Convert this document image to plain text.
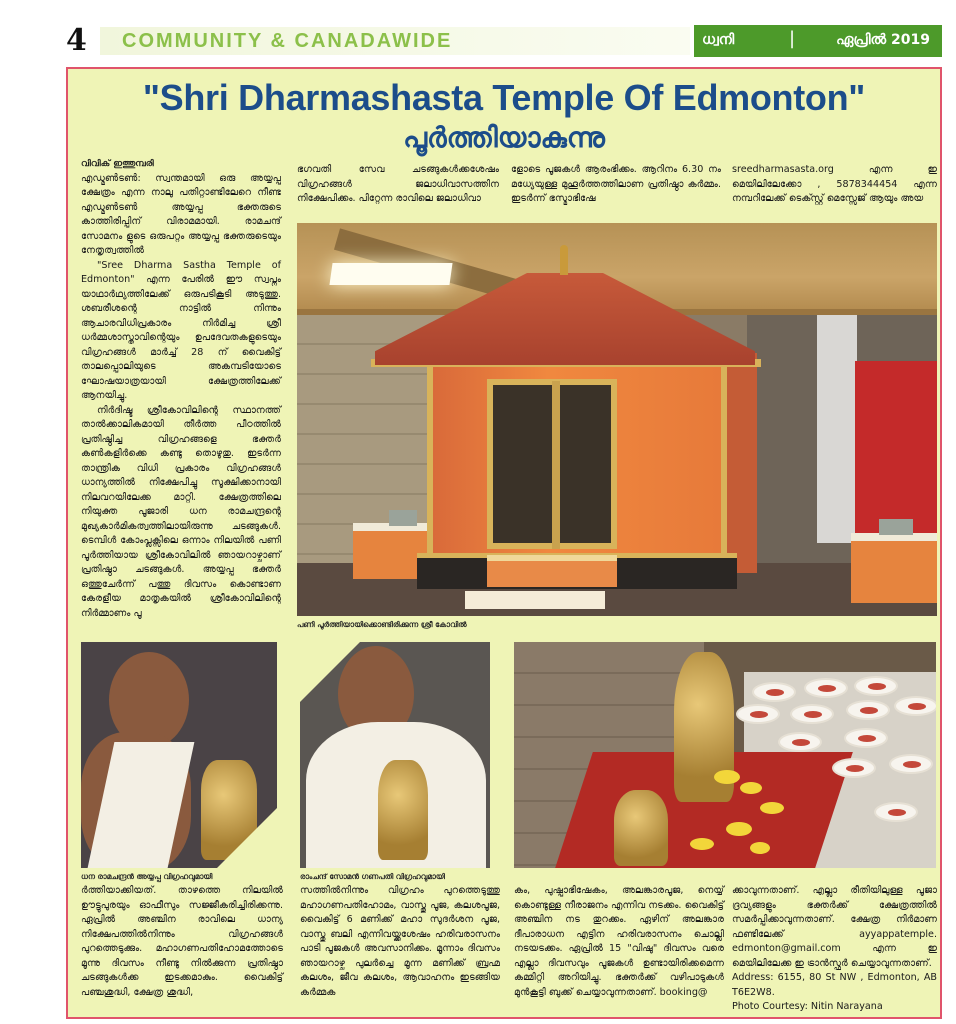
4 COMMUNITY & CANADAWIDE	ധ്വനി	|	ഏപ്രിൽ 2019
"Shri Dharmashasta Temple Of Edmonton"
പൂർത്തിയാകുന്നു

വിവിക് ഇത്തുമ്പരി

എഡ്മൺടൺ: സ്വന്തമായി ഒരു അയ്യപ്പ ക്ഷേത്രം എന്ന നാലു പതിറ്റാണ്ടിലേറെ നീണ്ട എഡ്മൺടൺ അയ്യപ്പ ഭക്തരുടെ കാത്തിരിപ്പിന് വിരാമമായി. രാമചന്ദ് സോമനം ളുടെ ഒരുപറ്റം അയ്യപ്പ ഭക്തരുടെയും നേതൃത്വത്തിൽ

"Sree Dharma Sastha Temple of Edmonton" എന്ന പേരിൽ ഈ സ്വപ്നം യാഥാർഥ്യത്തിലേക്ക് ഒരുപടികൂടി അടുത്തു. ശബരീശന്റെ നാട്ടിൽ നിന്നും ആചാരവിധിപ്രകാരം നിർമിച്ച ശ്രീ ധർമ്മശാസ്താവിന്റെയും ഉപദേവതകളുടെയും വിഗ്രഹങ്ങൾ മാർച്ച് 28 ന് വൈകിട്ട് താലപ്പൊലിയുടെ അകമ്പടിയോടെ ഘോഷയാത്രയായി ക്ഷേത്രത്തിലേക്ക് ആനയിച്ചു.

നിർദിഷ്ട ശ്രീകോവിലിന്റെ സ്ഥാനത്ത് താൽക്കാലികമായി തീർത്ത പീഠത്തിൽ പ്രതിഷ്ഠിച്ച വിഗ്രഹങ്ങളെ ഭക്തർ കൺകളിർക്കെ കണ്ടു തൊഴുതു. ഇടർന്ന താന്ത്രിക വിധി പ്രകാരം വിഗ്രഹങ്ങൾ ധാന്യത്തിൽ നിക്ഷേപിച്ചു സൂക്ഷിക്കാനായി നിലവറയിലേക്ക മാറ്റി. ക്ഷേത്രത്തിലെ നിയുക്ത പൂജാരി ധന രാമചന്ദ്രന്റെ മുഖ്യകാർമികത്വത്തിലായിരുന്നു ചടങ്ങുകൾ. ടെമ്പിൾ കോംപ്ലക്സിലെ ഒന്നാം നിലയിൽ പണി പൂർത്തിയായ ശ്രീകോവിലിൽ ഞായറാഴ്ചാണ് പ്രതിഷ്ഠാ ചടങ്ങുകൾ. അയ്യപ്പ ഭക്തർ ഒത്തുചേർന്ന് പത്തു ദിവസം കൊണ്ടാണ കേരളീയ മാതൃകയിൽ ശ്രീകോവിലിന്റെ നിർമ്മാണം പൂ

ഭഗവതി സേവ ചടങ്ങുകൾക്കശേഷം വിഗ്രഹങ്ങൾ ജലാധിവാസത്തിന നിക്ഷേപിക്കം. പിറ്റേന്ന രാവിലെ ജലാധിവാ
ളോടെ പൂജകൾ ആരംഭിക്കം. ആറിനം 6.30 നം മധ്യേയുള്ള മുഹൂർത്തത്തിലാണ പ്രതിഷ്ഠാ കർമ്മം. ഇടർന്ന് ഭസ്മാഭിഷേ
sreedharmasasta.org എന്ന ഇ മെയിലിലേക്കോ , 5878344454 എന്ന നമ്പറിലേക്ക് ടെക്സ്റ്റ് മെസ്സേജ് ആയും അയ
പണി പൂർത്തിയായിക്കൊണ്ടിരിക്കുന്ന ശ്രീ കോവിൽ
ധന രാമചന്ദ്രൻ അയ്യപ്പ വിഗ്രഹവുമായി	രാംചന്ദ് സോമൻ ഗണപതി വിഗ്രഹവുമായി
ർത്തിയാക്കിയത്. താഴത്തെ നിലയിൽ ഊട്ടുപുരയും ഓഫീസും സജ്ജീകരിച്ചിരിക്കന്നു. ഏപ്രിൽ അഞ്ചിന രാവിലെ ധാന്യ നിക്ഷേപത്തിൽനിന്നും വിഗ്രഹങ്ങൾ പുറത്തെടുക്കും. മഹാഗണപതിഹോമത്തോടെ മൂന്നു ദിവസം നീണ്ടു നിൽക്കുന്ന പ്രതിഷ്ഠാ ചടങ്ങുകൾക്ക ഇടക്കമാകും. വൈകിട്ട് പഞ്ചശുദ്ധി, ക്ഷേത്ര ശുദ്ധി,
സത്തിൽനിന്നും വിഗ്രഹം പുറത്തെടുത്തു മഹാഗണപതിഹോമം, വാസ്തു പൂജ, കലശപൂജ, വൈകിട്ട് 6 മണിക്ക് മഹാ സുദർശന പൂജ, വാസ്തു ബലി എന്നിവയ്ക്കശേഷം ഹരിവരാസനം പാടി പൂജകൾ അവസാനിക്കം. മൂന്നാം ദിവസം ഞായറാഴ്ച പുലർച്ചെ മൂന്ന മണിക്ക് ബ്രഹ്മ കലശം, ജീവ കലശം, ആവാഹനം ഇടങ്ങിയ കർമ്മക
കം, പുഷ്പാഭിഷേകം, അലങ്കാരപൂജ, നെയ്യ് കൊണ്ടുള്ള നീരാജനം എന്നിവ നടക്കം. വൈകിട്ട് അഞ്ചിന നട തുറക്കം. ഏഴിന് അലങ്കാര ദീപാരാധന എട്ടിന ഹരിവരാസനം ചൊല്ലി നടയടക്കം. ഏപ്രിൽ 15 "വിഷു" ദിവസം വരെ എല്ലാ ദിവസവും പൂജകൾ ഉണ്ടായിരിക്കമെന്ന കമ്മിറ്റി അറിയിച്ചു. ഭക്തർക്ക് വഴിപാടുകൾ മുൻകൂട്ടി ബുക്ക് ചെയ്യാവുന്നതാണ്. booking@

ക്കാവുന്നതാണ്. എല്ലാ രീതിയിലുള്ള പൂജാ ദ്രവ്യങ്ങളും ഭക്തർക്ക് ക്ഷേത്രത്തിൽ സമർപ്പിക്കാവുന്നതാണ്. ക്ഷേത്ര നിർമാണ ഫണ്ടിലേക്ക് ayyappatemple. edmonton@gmail.com എന്ന ഇ മെയിലിലേക്ക ഇ ട്രാൻസ്ഫർ ചെയ്യാവുന്നതാണ്.

Address: 6155, 80 St NW , Edmonton, AB T6E2W8.

Photo Courtesy: Nitin Narayana
